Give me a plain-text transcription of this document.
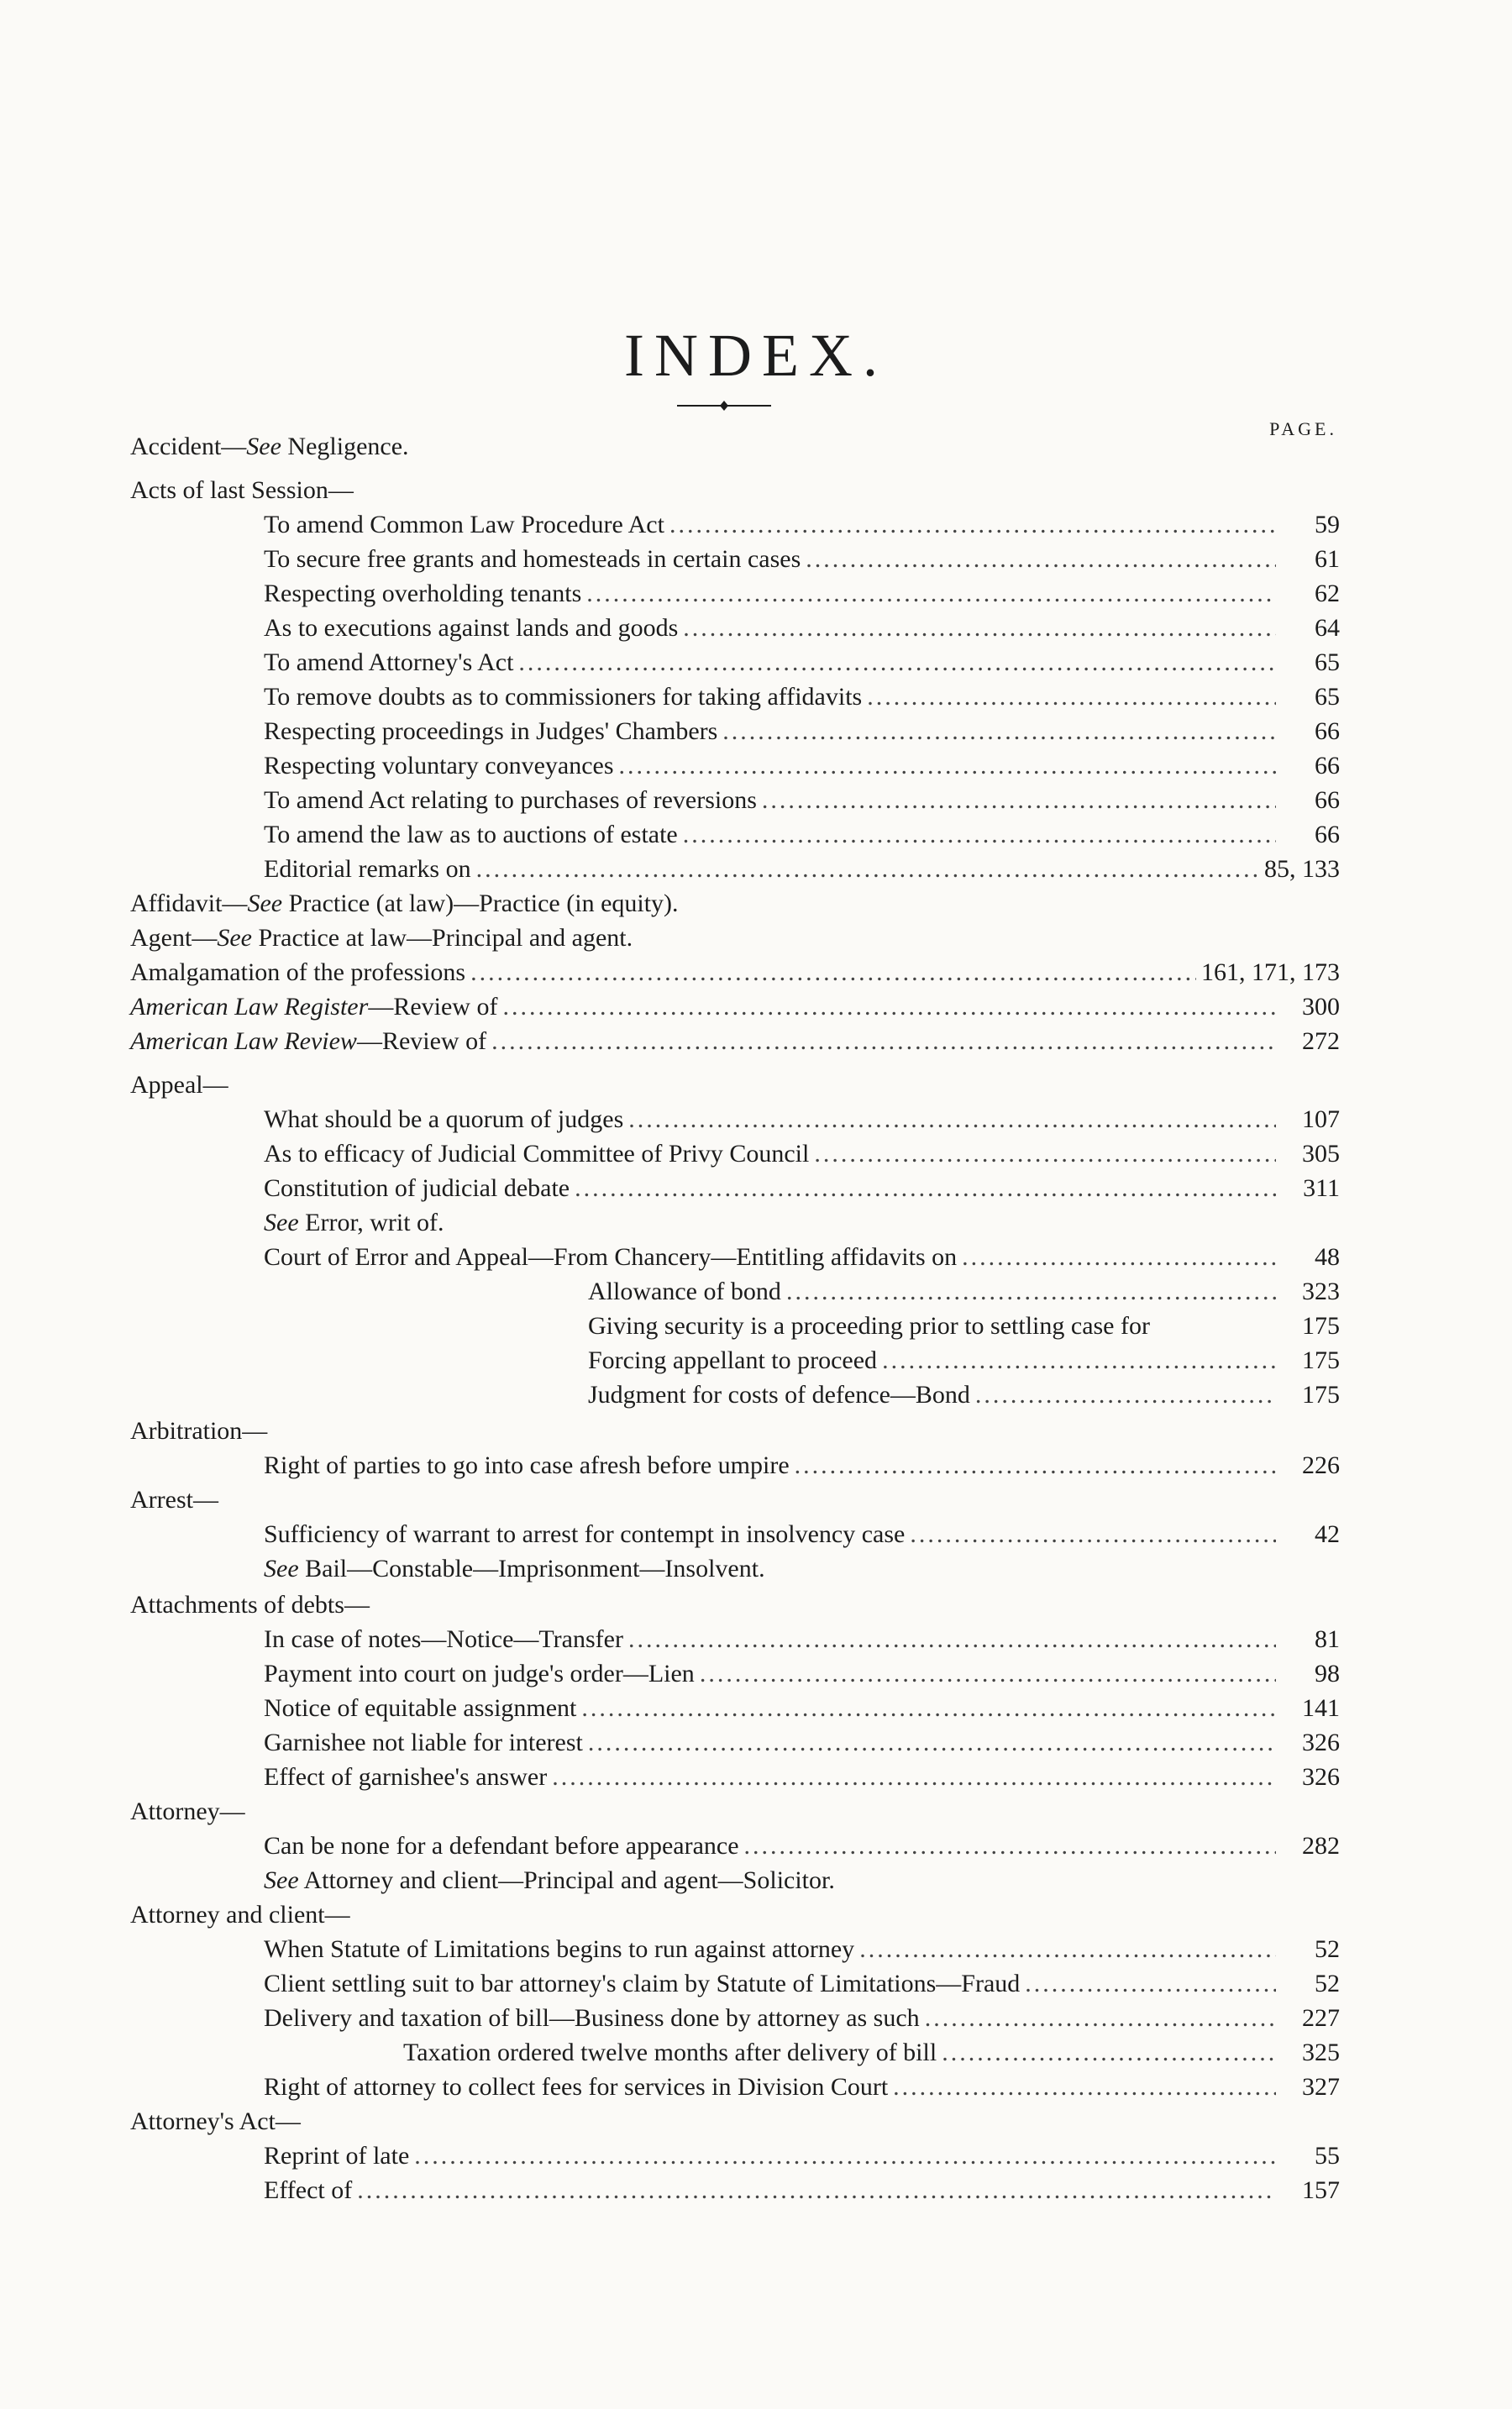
INDEX.
PAGE.
Accident—See Negligence.
Acts of last Session—
To amend Common Law Procedure Act .....	59
To secure free grants and homesteads in certain cases .....	61
Respecting overholding tenants .....	62
As to executions against lands and goods .....	64
To amend Attorney's Act .....	65
To remove doubts as to commissioners for taking affidavits .....	65
Respecting proceedings in Judges' Chambers .....	66
Respecting voluntary conveyances .....	66
To amend Act relating to purchases of reversions .....	66
To amend the law as to auctions of estate .....	66
Editorial remarks on .....	85, 133
Affidavit—See Practice (at law)—Practice (in equity).
Agent—See Practice at law—Principal and agent.
Amalgamation of the professions .....	161, 171, 173
American Law Register—Review of .....	300
American Law Review—Review of .....	272
Appeal—
What should be a quorum of judges .....	107
As to efficacy of Judicial Committee of Privy Council .....	305
Constitution of judicial debate .....	311
See Error, writ of.
Court of Error and Appeal—From Chancery—Entitling affidavits on .....	48
Allowance of bond .....	323
Giving security is a proceeding prior to settling case for	175
Forcing appellant to proceed .....	175
Judgment for costs of defence—Bond .....	175
Arbitration—
Right of parties to go into case afresh before umpire .....	226
Arrest—
Sufficiency of warrant to arrest for contempt in insolvency case .....	42
See Bail—Constable—Imprisonment—Insolvent.
Attachments of debts—
In case of notes—Notice—Transfer .....	81
Payment into court on judge's order—Lien .....	98
Notice of equitable assignment .....	141
Garnishee not liable for interest .....	326
Effect of garnishee's answer .....	326
Attorney—
Can be none for a defendant before appearance .....	282
See Attorney and client—Principal and agent—Solicitor.
Attorney and client—
When Statute of Limitations begins to run against attorney .....	52
Client settling suit to bar attorney's claim by Statute of Limitations—Fraud .....	52
Delivery and taxation of bill—Business done by attorney as such .....	227
Taxation ordered twelve months after delivery of bill .....	325
Right of attorney to collect fees for services in Division Court .....	327
Attorney's Act—
Reprint of late .....	55
Effect of .....	157
